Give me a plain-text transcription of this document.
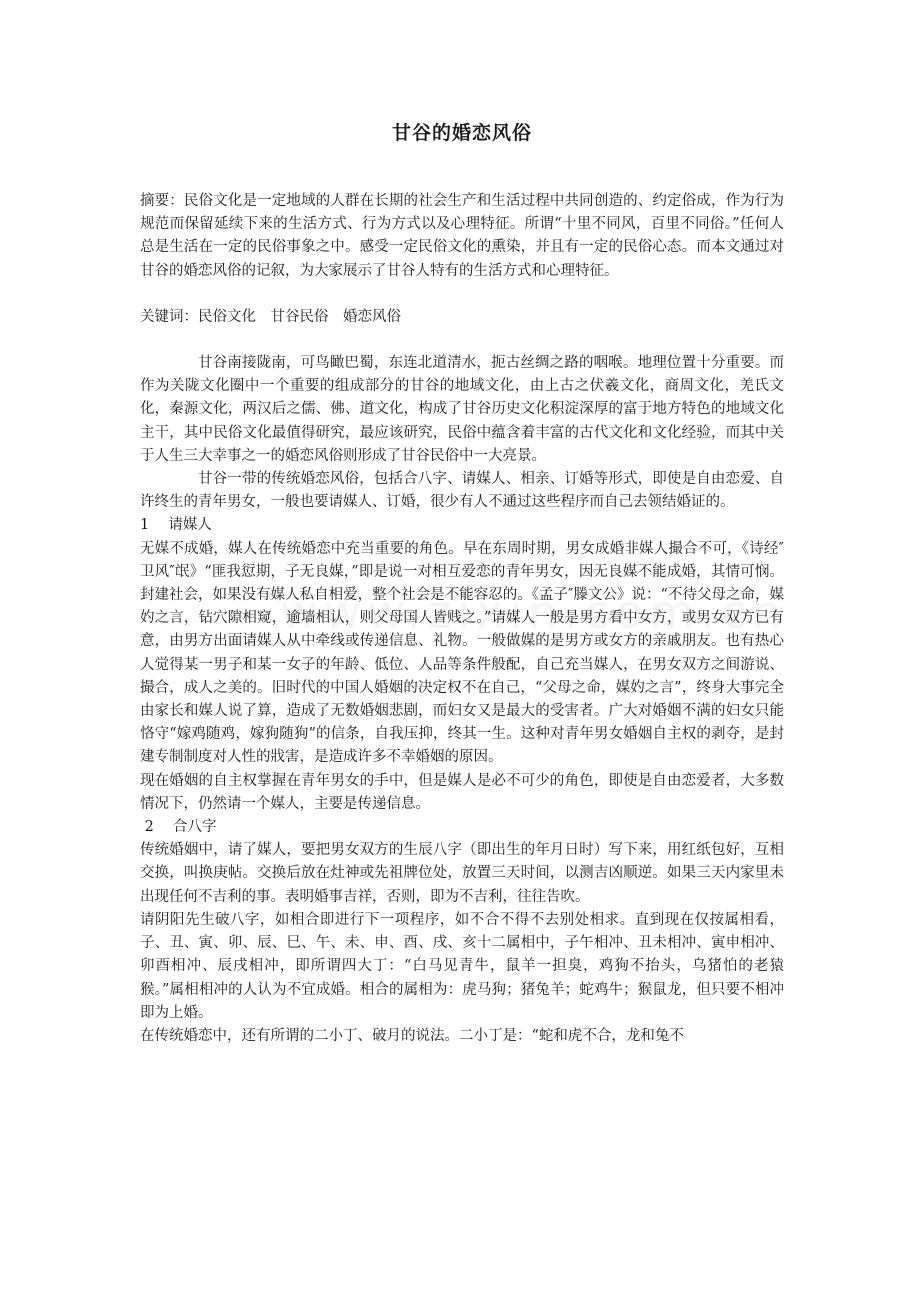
甘谷的婚恋风俗

摘要：民俗文化是一定地域的人群在长期的社会生产和生活过程中共同创造的、约定俗成，作为行为规范而保留延续下来的生活方式、行为方式以及心理特征。所谓“十里不同风，百里不同俗。”任何人总是生活在一定的民俗事象之中。感受一定民俗文化的熏染，并且有一定的民俗心态。而本文通过对甘谷的婚恋风俗的记叙，为大家展示了甘谷人特有的生活方式和心理特征。

关键词：民俗文化　甘谷民俗　婚恋风俗

甘谷南接陇南，可鸟瞰巴蜀，东连北道清水，扼古丝绸之路的咽喉。地理位置十分重要。而作为关陇文化圈中一个重要的组成部分的甘谷的地域文化，由上古之伏羲文化，商周文化，羌氏文化，秦源文化，两汉后之儒、佛、道文化，构成了甘谷历史文化积淀深厚的富于地方特色的地域文化主干，其中民俗文化最值得研究，最应该研究，民俗中蕴含着丰富的古代文化和文化经验，而其中关于人生三大幸事之一的婚恋风俗则形成了甘谷民俗中一大亮景。

甘谷一带的传统婚恋风俗，包括合八字、请媒人、相亲、订婚等形式，即使是自由恋爱、自许终生的青年男女，一般也要请媒人、订婚，很少有人不通过这些程序而自己去领结婚证的。

1　 请媒人

无媒不成婚，媒人在传统婚恋中充当重要的角色。早在东周时期，男女成婚非媒人撮合不可，《诗经″卫风″氓》“匪我愆期，子无良媒，”即是说一对相互爱恋的青年男女，因无良媒不能成婚，其情可悯。封建社会，如果没有媒人私自相爱，整个社会是不能容忍的。《孟子″滕文公》说：“不待父母之命，媒妁之言，钻穴隙相窥，逾墙相认，则父母国人皆贱之。”请媒人一般是男方看中女方，或男女双方已有意，由男方出面请媒人从中牵线或传递信息、礼物。一般做媒的是男方或女方的亲戚朋友。也有热心人觉得某一男子和某一女子的年龄、低位、人品等条件般配，自己充当媒人，在男女双方之间游说、撮合，成人之美的。旧时代的中国人婚姻的决定权不在自己，“父母之命，媒妁之言”，终身大事完全由家长和媒人说了算，造成了无数婚姻悲剧，而妇女又是最大的受害者。广大对婚姻不满的妇女只能恪守“嫁鸡随鸡，嫁狗随狗”的信条，自我压抑，终其一生。这种对青年男女婚姻自主权的剥夺，是封建专制制度对人性的戕害，是造成许多不幸婚姻的原因。

现在婚姻的自主权掌握在青年男女的手中，但是媒人是必不可少的角色，即使是自由恋爱者，大多数情况下，仍然请一个媒人，主要是传递信息。

2　 合八字

传统婚姻中，请了媒人，要把男女双方的生辰八字（即出生的年月日时）写下来，用红纸包好，互相交换，叫换庚帖。交换后放在灶神或先祖牌位处，放置三天时间，以测吉凶顺逆。如果三天内家里未出现任何不吉利的事。表明婚事吉祥，否则，即为不吉利，往往告吹。

请阴阳先生破八字，如相合即进行下一项程序，如不合不得不去别处相求。直到现在仅按属相看，子、丑、寅、卯、辰、巳、午、未、申、酉、戌、亥十二属相中，子午相冲、丑未相冲、寅申相冲、卯酉相冲、辰戌相冲，即所谓四大丁：“白马见青牛，鼠羊一担臭，鸡狗不抬头，乌猪怕的老猿猴。”属相相冲的人认为不宜成婚。相合的属相为：虎马狗；猪兔羊；蛇鸡牛；猴鼠龙，但只要不相冲即为上婚。

在传统婚恋中，还有所谓的二小丁、破月的说法。二小丁是：“蛇和虎不合，龙和兔不
